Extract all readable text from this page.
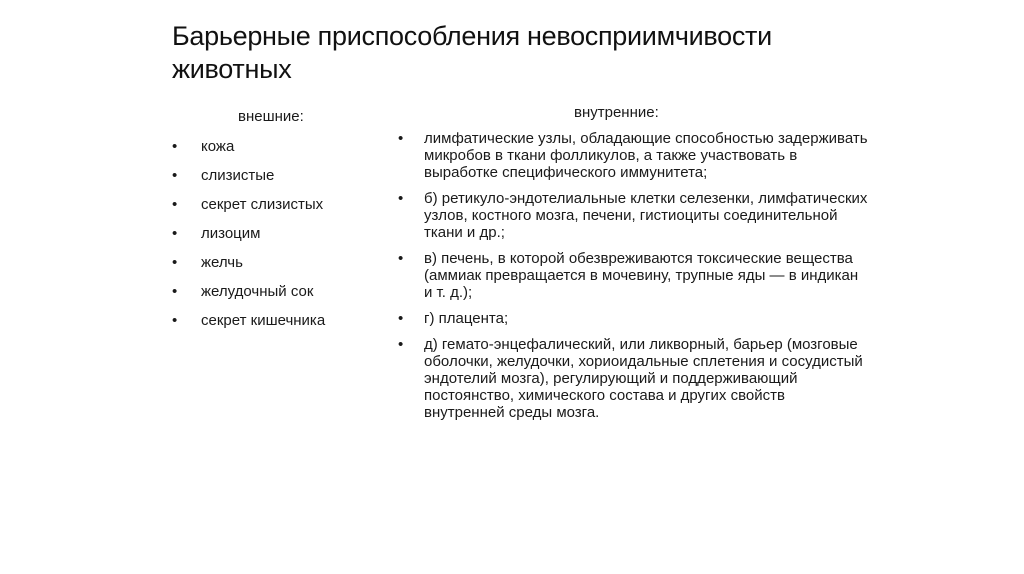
Барьерные приспособления невосприимчивости животных
внешние:
• кожа
• слизистые
• секрет слизистых
• лизоцим
• желчь
• желудочный сок
• секрет кишечника
внутренние:
• лимфатические узлы, обладающие способностью задерживать микробов в ткани фолликулов, а также участвовать в выработке специфического иммунитета;
• б) ретикуло-эндотелиальные клетки селезенки, лимфатических узлов, костного мозга, печени, гистиоциты соединительной ткани и др.;
• в) печень, в которой обезвреживаются токсические вещества (аммиак превращается в мочевину, трупные яды — в индикан и т. д.);
• г) плацента;
• д) гемато-энцефалический, или ликворный, барьер (мозговые оболочки, желудочки, хориоидальные сплетения и сосудистый эндотелий мозга), регулирующий и поддерживающий постоянство, химического состава и других свойств внутренней среды мозга.
